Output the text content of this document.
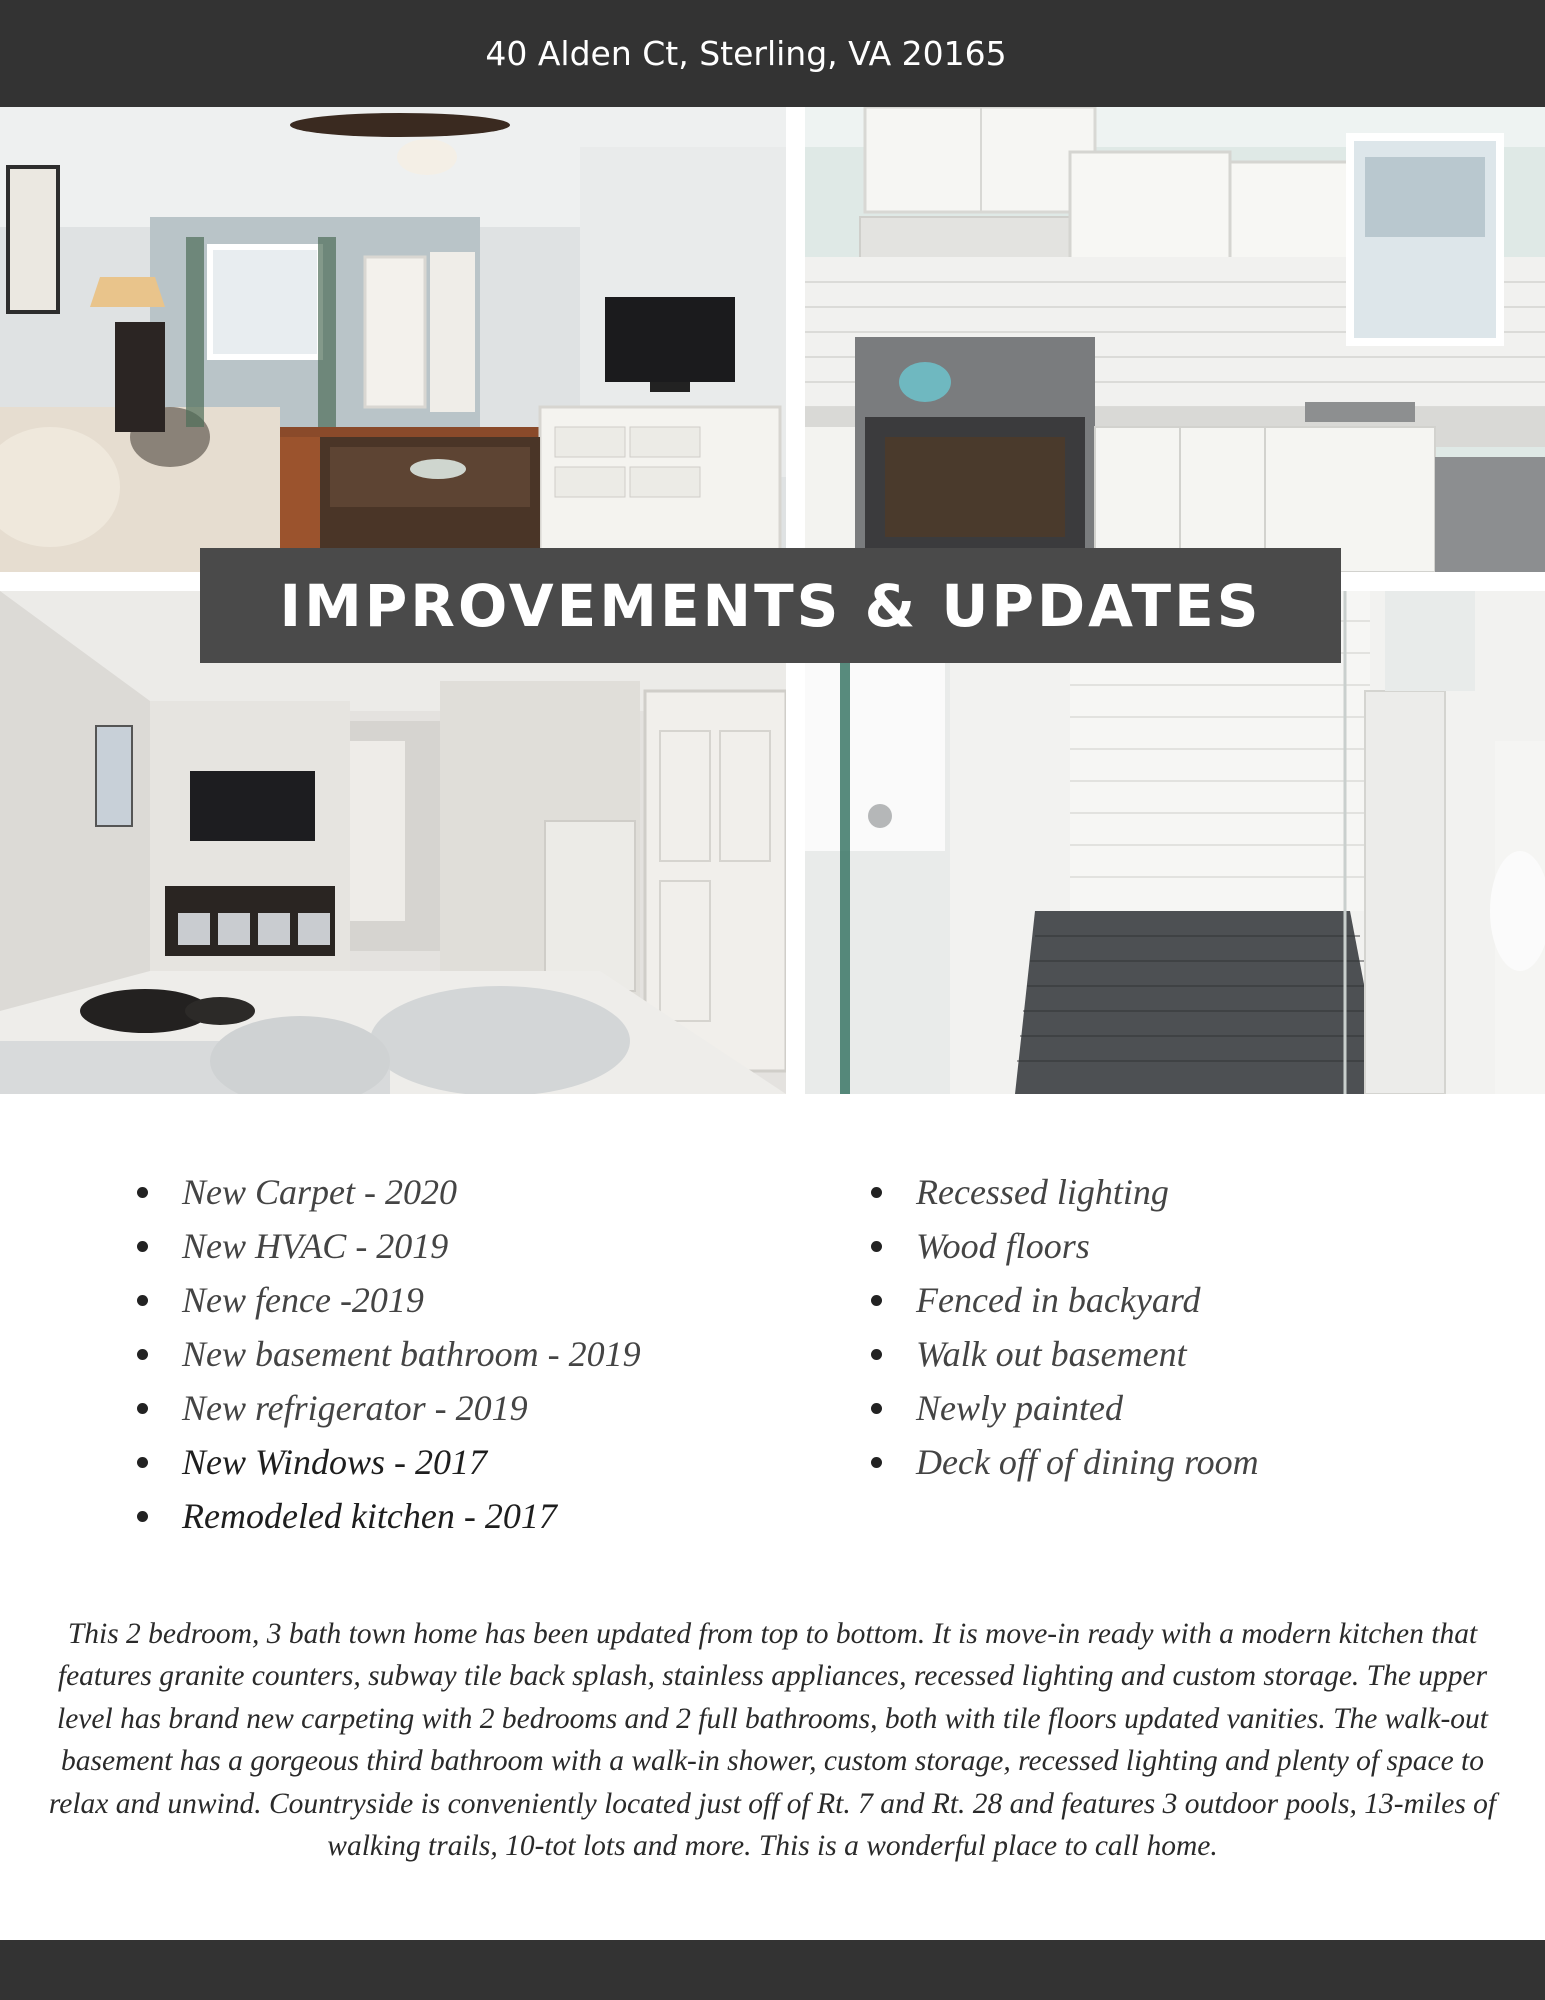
40 Alden Ct, Sterling, VA 20165
IMPROVEMENTS & UPDATES
New Carpet - 2020
New HVAC - 2019
New fence -2019
New basement bathroom - 2019
New refrigerator - 2019
New Windows - 2017
Remodeled kitchen - 2017
Recessed lighting
Wood floors
Fenced in backyard
Walk out basement
Newly painted
Deck off of dining room

This 2 bedroom, 3 bath town home has been updated from top to bottom. It is move-in ready with a modern kitchen that features granite counters, subway tile back splash, stainless appliances, recessed lighting and custom storage. The upper level has brand new carpeting with 2 bedrooms and 2 full bathrooms, both with tile floors updated vanities. The walk-out basement has a gorgeous third bathroom with a walk-in shower, custom storage, recessed lighting and plenty of space to relax and unwind. Countryside is conveniently located just off of Rt. 7 and Rt. 28 and features 3 outdoor pools, 13-miles of walking trails, 10-tot lots and more. This is a wonderful place to call home.
